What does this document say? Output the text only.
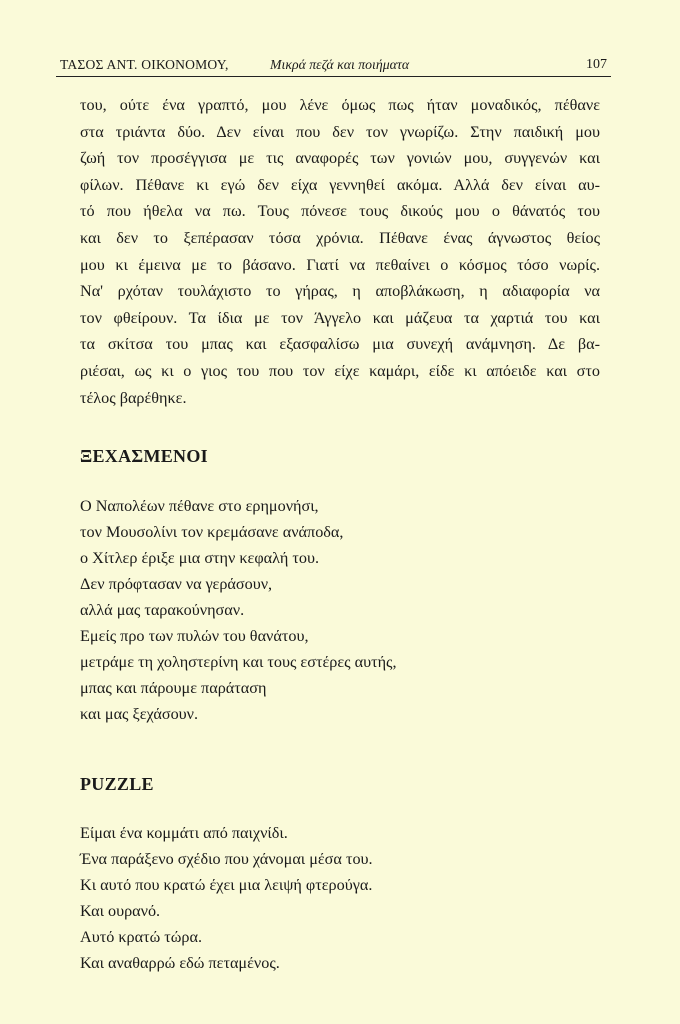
ΤΑΣΟΣ ΑΝΤ. ΟΙΚΟΝΟΜΟΥ,	Μικρά πεζά και ποιήματα	107
του, ούτε ένα γραπτό, μου λένε όμως πως ήταν μοναδικός, πέθανε
στα τριάντα δύο. Δεν είναι που δεν τον γνωρίζω. Στην παιδική μου
ζωή τον προσέγγισα με τις αναφορές των γονιών μου, συγγενών και
φίλων. Πέθανε κι εγώ δεν είχα γεννηθεί ακόμα. Αλλά δεν είναι αυ-
τό που ήθελα να πω. Τους πόνεσε τους δικούς μου ο θάνατός του
και δεν το ξεπέρασαν τόσα χρόνια. Πέθανε ένας άγνωστος θείος
μου κι έμεινα με το βάσανο. Γιατί να πεθαίνει ο κόσμος τόσο νωρίς.
Να' ρχόταν τουλάχιστο το γήρας, η αποβλάκωση, η αδιαφορία να
τον φθείρουν. Τα ίδια με τον Άγγελο και μάζευα τα χαρτιά του και
τα σκίτσα του μπας και εξασφαλίσω μια συνεχή ανάμνηση. Δε βα-
ριέσαι, ως κι ο γιος του που τον είχε καμάρι, είδε κι απόειδε και στο
τέλος βαρέθηκε.
ΞΕΧΑΣΜΕΝΟΙ
Ο Ναπολέων πέθανε στο ερημονήσι,
τον Μουσολίνι τον κρεμάσανε ανάποδα,
ο Χίτλερ έριξε μια στην κεφαλή του.
Δεν πρόφτασαν να γεράσουν,
αλλά μας ταρακούνησαν.
Εμείς προ των πυλών του θανάτου,
μετράμε τη χοληστερίνη και τους εστέρες αυτής,
μπας και πάρουμε παράταση
και μας ξεχάσουν.
PUZZLE
Είμαι ένα κομμάτι από παιχνίδι.
Ένα παράξενο σχέδιο που χάνομαι μέσα του.
Κι αυτό που κρατώ έχει μια λειψή φτερούγα.
Και ουρανό.
Αυτό κρατώ τώρα.
Και αναθαρρώ εδώ πεταμένος.
